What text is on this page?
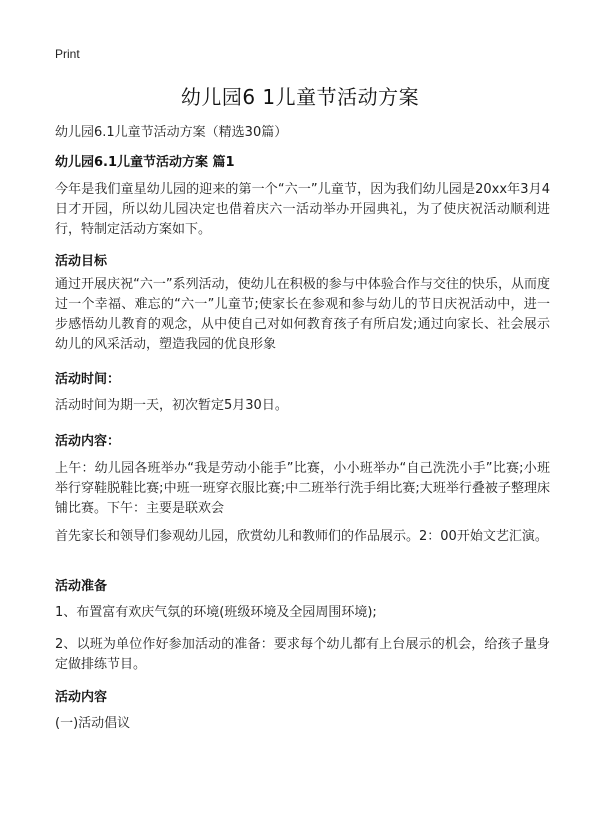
Print
幼儿园6 1儿童节活动方案
幼儿园6.1儿童节活动方案（精选30篇）
幼儿园6.1儿童节活动方案 篇1
今年是我们童星幼儿园的迎来的第一个“六一”儿童节，因为我们幼儿园是20xx年3月4日才开园，所以幼儿园决定也借着庆六一活动举办开园典礼，为了使庆祝活动顺利进行，特制定活动方案如下。
活动目标
通过开展庆祝“六一”系列活动，使幼儿在积极的参与中体验合作与交往的快乐，从而度过一个幸福、难忘的“六一”儿童节;使家长在参观和参与幼儿的节日庆祝活动中，进一步感悟幼儿教育的观念，从中使自己对如何教育孩子有所启发;通过向家长、社会展示幼儿的风采活动，塑造我园的优良形象
活动时间：
活动时间为期一天，初次暂定5月30日。
活动内容：
上午：幼儿园各班举办“我是劳动小能手”比赛，小小班举办“自己洗洗小手”比赛;小班举行穿鞋脱鞋比赛;中班一班穿衣服比赛;中二班举行洗手绢比赛;大班举行叠被子整理床铺比赛。下午：主要是联欢会
首先家长和领导们参观幼儿园，欣赏幼儿和教师们的作品展示。2：00开始文艺汇演。
活动准备
1、布置富有欢庆气氛的环境(班级环境及全园周围环境);
2、以班为单位作好参加活动的准备：要求每个幼儿都有上台展示的机会，给孩子量身定做排练节目。
活动内容
(一)活动倡议
